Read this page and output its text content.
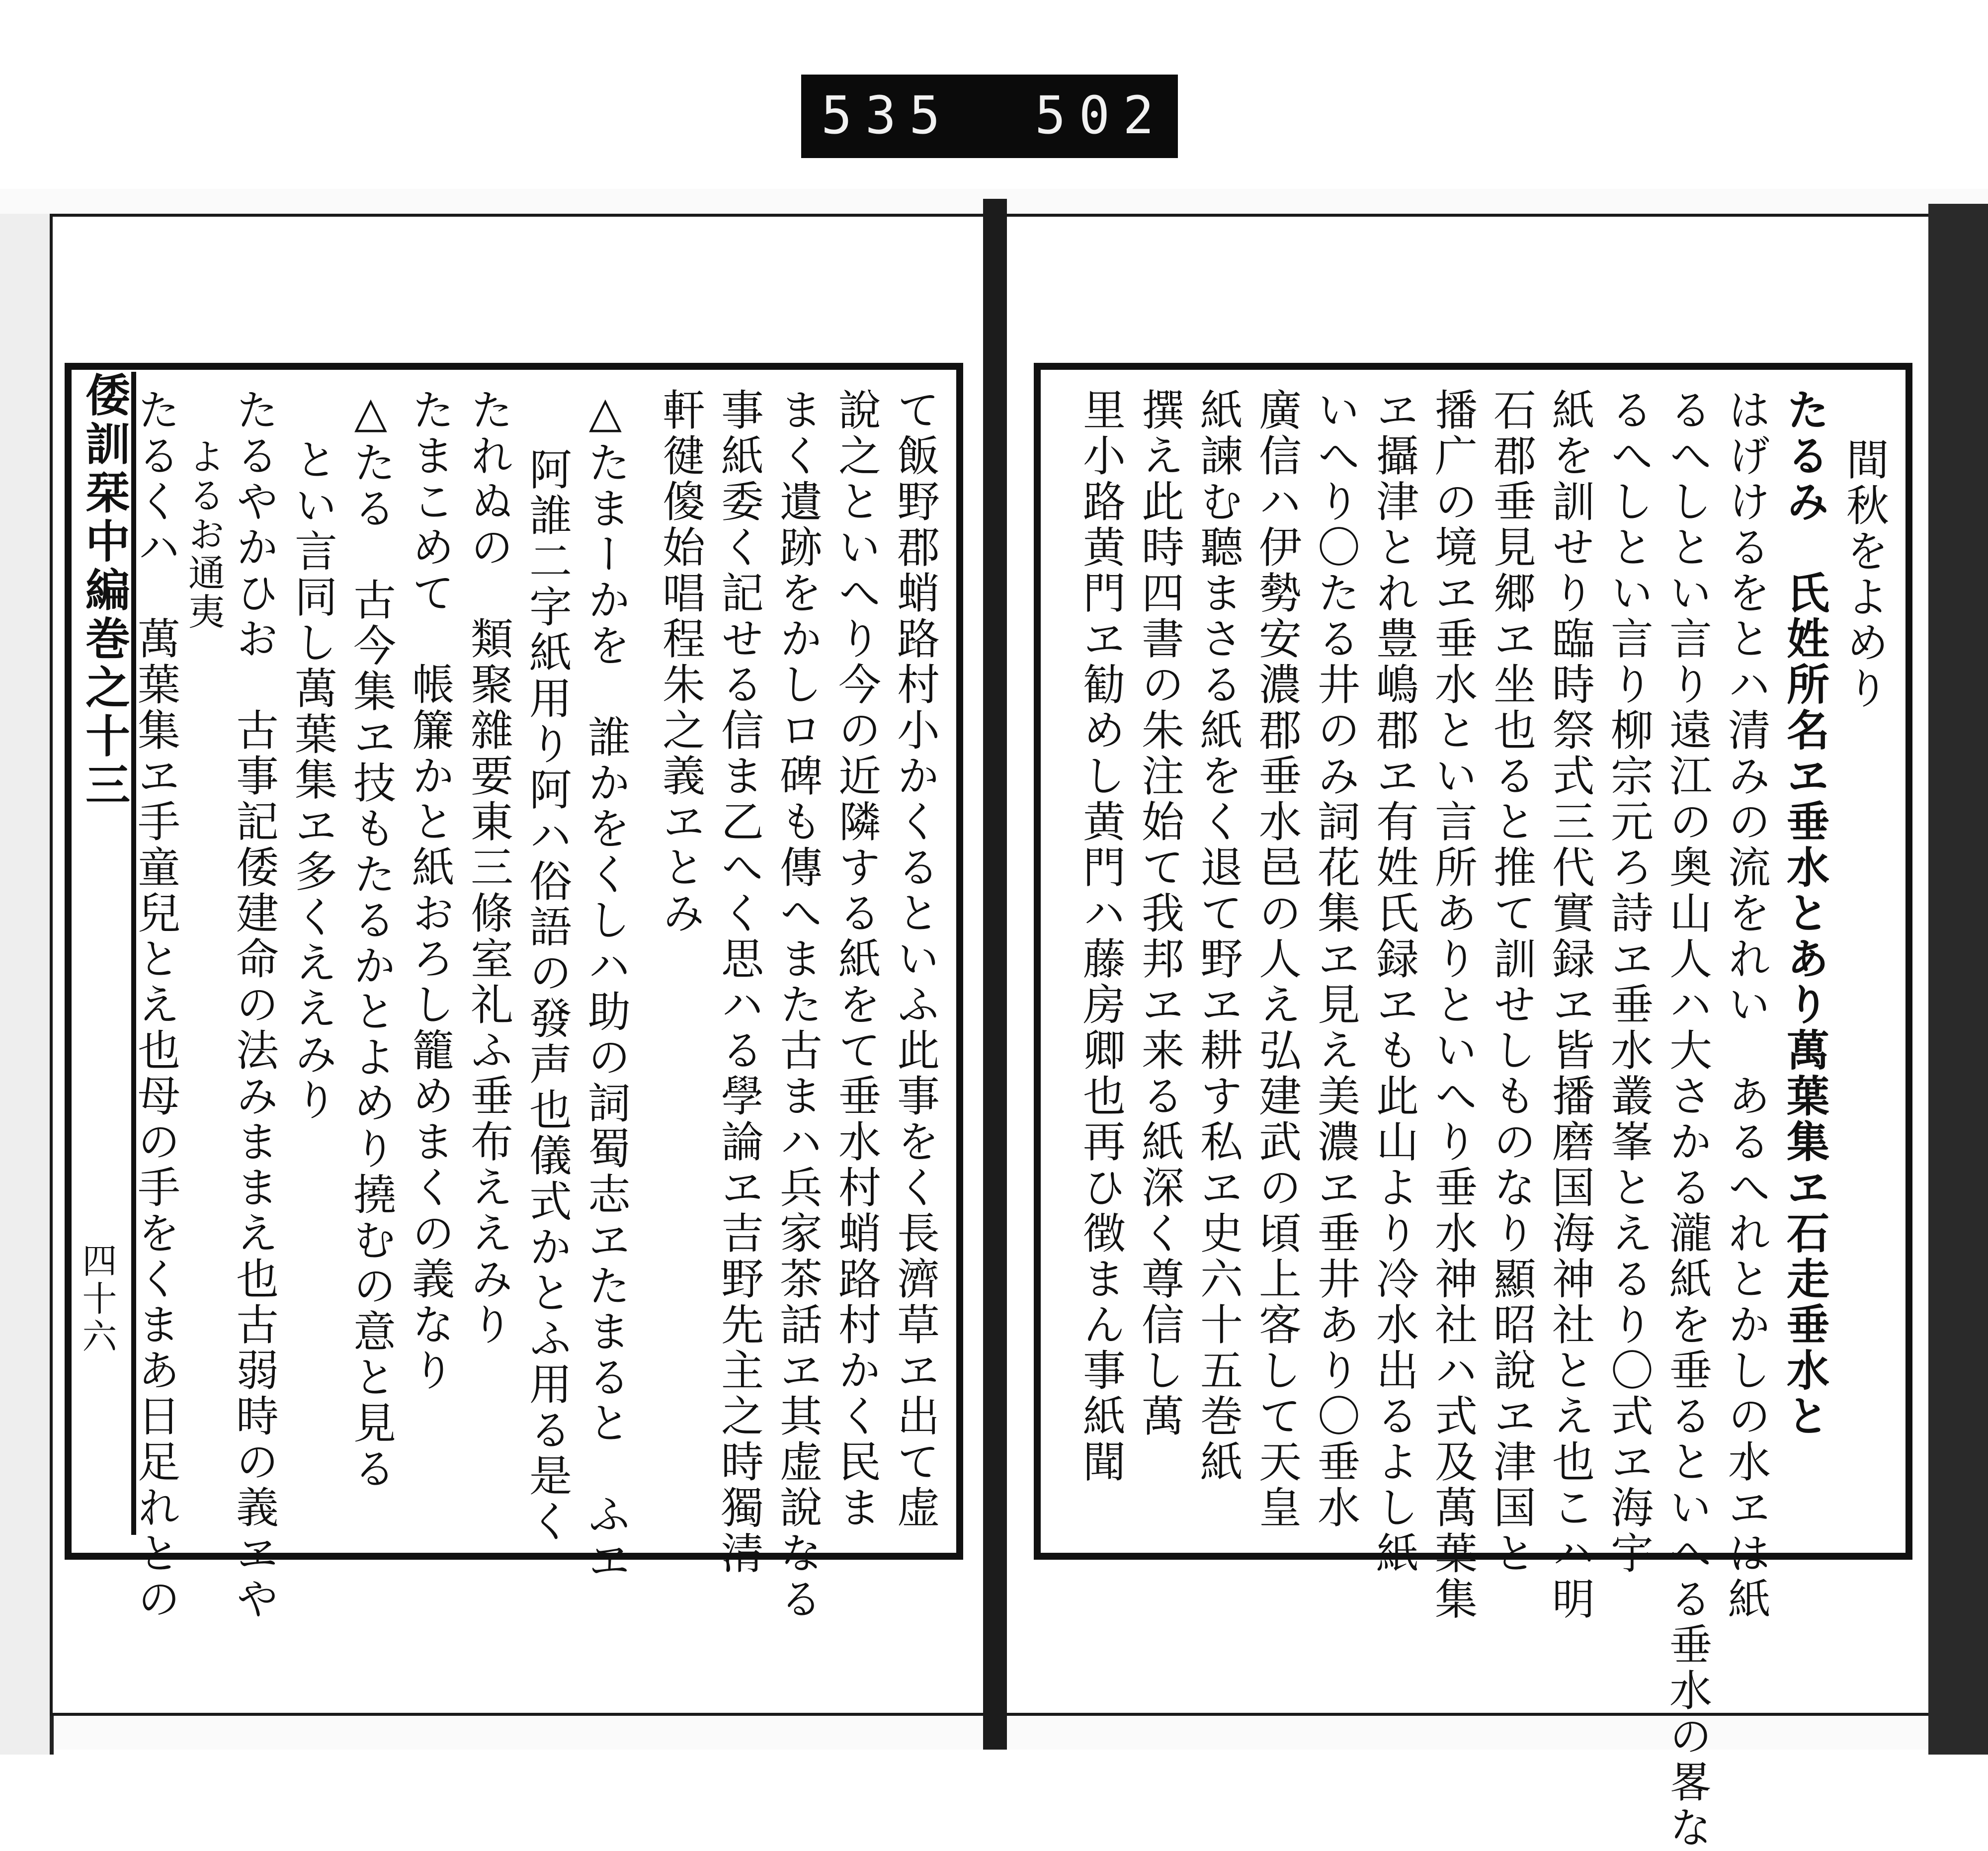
535 502
倭訓栞中編巻之十三
四十六	て飯野郡蛸路村小かくるといふ此事をく長濟草ヱ出て虚
說之といへり今の近隣する紙をて垂水村蛸路村かく民ま
まく遺跡をかしロ碑も傳へまた古まハ兵家茶話ヱ其虚說なる
事紙委く記せる信ま乙へく思ハる學論ヱ吉野先主之時獨清
軒徤傻始唱程朱之義ヱとみ
△たまーかを　誰かをくしハ助の詞蜀志ヱたまると　ふヱ
阿誰二字紙用り阿ハ俗語の發声也儀式かとふ用る是く
たれぬの　類聚雜要東三條室礼ふ垂布ええみり
たまこめて　帳簾かと紙おろし籠めまくの義なり
△たる　古今集ヱ技もたるかとよめり撓むの意と見る
とい言同し萬葉集ヱ多くええみり
たるやかひお　古事記倭建命の法みままえ也古弱時の義ヱや
よるお通夷
たるくハ　萬葉集ヱ手童兒とえ也母の手をくまあ日足れとの	間秋をよめり
たるみ　氏姓所名ヱ垂水とあり萬葉集ヱ石走垂水と
はげけるをとハ清みの流をれい　あるへれとかしの水ヱは紙
るへしとい言り遠江の奥山人ハ大さかる瀧紙を垂るといへる垂水の畧な
るへしとい言り柳宗元ろ詩ヱ垂水叢峯とえるり〇式ヱ海宇
紙を訓せり臨時祭式三代實録ヱ皆播磨国海神社とえ也こハ明
石郡垂見郷ヱ坐也ると推て訓せしものなり顯昭說ヱ津国と
播广の境ヱ垂水とい言所ありといへり垂水神社ハ式及萬葉集
ヱ攝津とれ豊嶋郡ヱ有姓氏録ヱも此山より冷水出るよし紙
いへり〇たる井のみ詞花集ヱ見え美濃ヱ垂井あり〇垂水
廣信ハ伊勢安濃郡垂水邑の人え弘建武の頃上客して天皇
紙諫む聽まさる紙をく退て野ヱ耕す私ヱ史六十五巻紙
撰え此時四書の朱注始て我邦ヱ来る紙深く尊信し萬
里小路黄門ヱ勧めし黄門ハ藤房卿也再ひ徴まん事紙聞
